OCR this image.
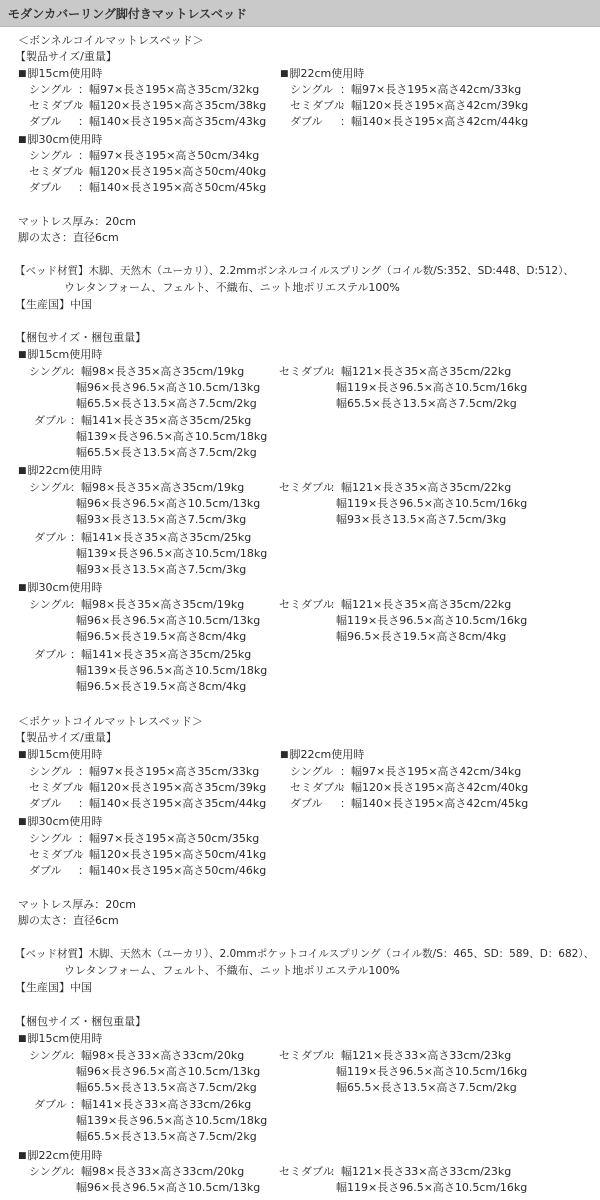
モダンカバーリング脚付きマットレスベッド
＜ボンネルコイルマットレスベッド＞
【製品サイズ/重量】
■ 脚15cm使用時
シングル ：幅97×長さ195×高さ35cm/32kg
セミダブル
：幅120×長さ195×高さ35cm/38kg
ダブル ：幅140×長さ195×高さ35cm/43kg
■ 脚22cm使用時
シングル ：幅97×長さ195×高さ42cm/33kg
セミダブル
：幅120×長さ195×高さ42cm/39kg
ダブル ：幅140×長さ195×高さ42cm/44kg
■ 脚30cm使用時
シングル ：幅97×長さ195×高さ50cm/34kg
セミダブル
：幅120×長さ195×高さ50cm/40kg
ダブル ：幅140×長さ195×高さ50cm/45kg
マットレス厚み：20cm
脚の太さ：直径6cm
【ベッド材質】木脚、天然木（ユーカリ）、2.2mmボンネルコイルスプリング（コイル数/S:352、SD:448、D:512）、
ウレタンフォーム、フェルト、不織布、ニット地ポリエステル100%
【生産国】中国
【梱包サイズ・梱包重量】
■ 脚15cm使用時
シングル
：幅98×長さ35×高さ35cm/19kg
幅96×長さ96.5×高さ10.5cm/13kg
幅65.5×長さ13.5×高さ7.5cm/2kg
セミダブル
：幅121×長さ35×高さ35cm/22kg
幅119×長さ96.5×高さ10.5cm/16kg
幅65.5×長さ13.5×高さ7.5cm/2kg
ダブル ：幅141×長さ35×高さ35cm/25kg
幅139×長さ96.5×高さ10.5cm/18kg
幅65.5×長さ13.5×高さ7.5cm/2kg
■ 脚22cm使用時
シングル
：幅98×長さ35×高さ35cm/19kg
幅96×長さ96.5×高さ10.5cm/13kg
幅93×長さ13.5×高さ7.5cm/3kg
セミダブル
：幅121×長さ35×高さ35cm/22kg
幅119×長さ96.5×高さ10.5cm/16kg
幅93×長さ13.5×高さ7.5cm/3kg
ダブル ：幅141×長さ35×高さ35cm/25kg
幅139×長さ96.5×高さ10.5cm/18kg
幅93×長さ13.5×高さ7.5cm/3kg
■ 脚30cm使用時
シングル
：幅98×長さ35×高さ35cm/19kg
幅96×長さ96.5×高さ10.5cm/13kg
幅96.5×長さ19.5×高さ8cm/4kg
セミダブル
：幅121×長さ35×高さ35cm/22kg
幅119×長さ96.5×高さ10.5cm/16kg
幅96.5×長さ19.5×高さ8cm/4kg
ダブル ：幅141×長さ35×高さ35cm/25kg
幅139×長さ96.5×高さ10.5cm/18kg
幅96.5×長さ19.5×高さ8cm/4kg
＜ポケットコイルマットレスベッド＞
【製品サイズ/重量】
■ 脚15cm使用時
シングル ：幅97×長さ195×高さ35cm/33kg
セミダブル
：幅120×長さ195×高さ35cm/39kg
ダブル ：幅140×長さ195×高さ35cm/44kg
■ 脚22cm使用時
シングル ：幅97×長さ195×高さ42cm/34kg
セミダブル
：幅120×長さ195×高さ42cm/40kg
ダブル ：幅140×長さ195×高さ42cm/45kg
■ 脚30cm使用時
シングル ：幅97×長さ195×高さ50cm/35kg
セミダブル
：幅120×長さ195×高さ50cm/41kg
ダブル ：幅140×長さ195×高さ50cm/46kg
マットレス厚み：20cm
脚の太さ：直径6cm
【ベッド材質】木脚、天然木（ユーカリ）、2.0mmポケットコイルスプリング（コイル数/S：465、SD：589、D：682）、
ウレタンフォーム、フェルト、不織布、ニット地ポリエステル100%
【生産国】中国
【梱包サイズ・梱包重量】
■ 脚15cm使用時
シングル
：幅98×長さ33×高さ33cm/20kg
幅96×長さ96.5×高さ10.5cm/13kg
幅65.5×長さ13.5×高さ7.5cm/2kg
セミダブル
：幅121×長さ33×高さ33cm/23kg
幅119×長さ96.5×高さ10.5cm/16kg
幅65.5×長さ13.5×高さ7.5cm/2kg
ダブル ：幅141×長さ33×高さ33cm/26kg
幅139×長さ96.5×高さ10.5cm/18kg
幅65.5×長さ13.5×高さ7.5cm/2kg
■ 脚22cm使用時
シングル
：幅98×長さ33×高さ33cm/20kg
幅96×長さ96.5×高さ10.5cm/13kg
セミダブル
：幅121×長さ33×高さ33cm/23kg
幅119×長さ96.5×高さ10.5cm/16kg
